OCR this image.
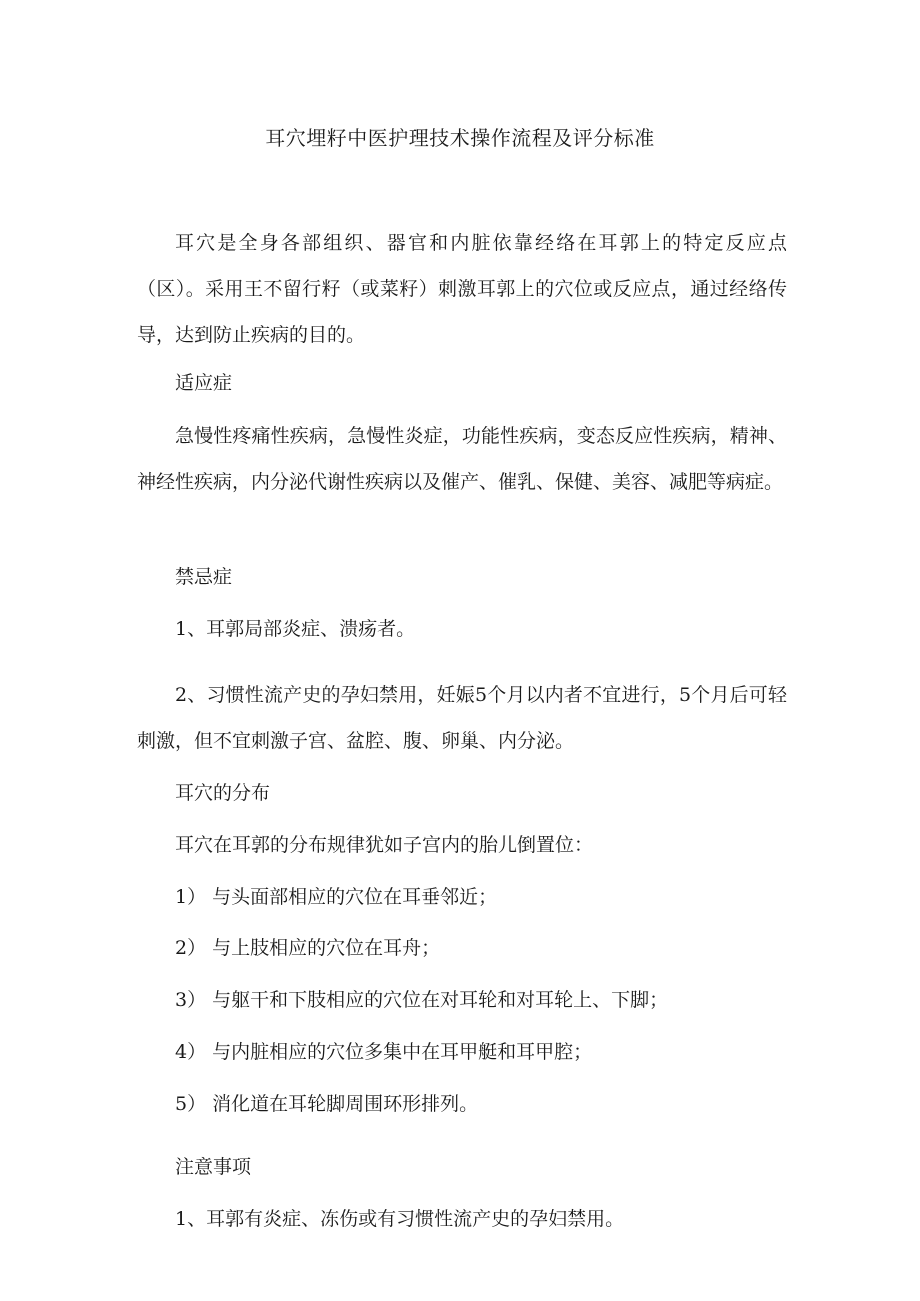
耳穴埋籽中医护理技术操作流程及评分标准

耳穴是全身各部组织、器官和内脏依靠经络在耳郭上的特定反应点（区）。采用王不留行籽（或菜籽）刺激耳郭上的穴位或反应点，通过经络传导，达到防止疾病的目的。

适应症

急慢性疼痛性疾病，急慢性炎症，功能性疾病，变态反应性疾病，精神、神经性疾病，内分泌代谢性疾病以及催产、催乳、保健、美容、减肥等病症。

禁忌症

1、耳郭局部炎症、溃疡者。

2、习惯性流产史的孕妇禁用，妊娠5个月以内者不宜进行，5个月后可轻刺激，但不宜刺激子宫、盆腔、腹、卵巢、内分泌。

耳穴的分布

耳穴在耳郭的分布规律犹如子宫内的胎儿倒置位：

1） 与头面部相应的穴位在耳垂邻近；

2） 与上肢相应的穴位在耳舟；

3） 与躯干和下肢相应的穴位在对耳轮和对耳轮上、下脚；

4） 与内脏相应的穴位多集中在耳甲艇和耳甲腔；

5） 消化道在耳轮脚周围环形排列。

注意事项

1、耳郭有炎症、冻伤或有习惯性流产史的孕妇禁用。
